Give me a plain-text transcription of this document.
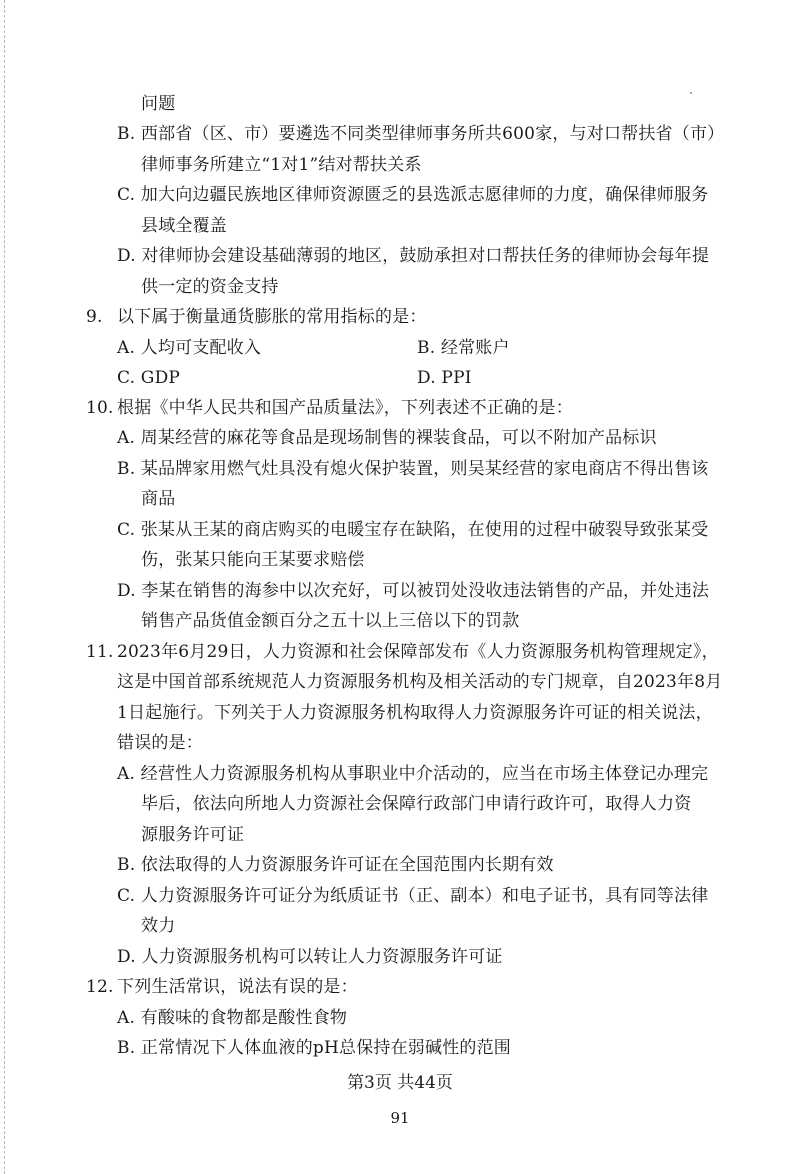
问题
B. 西部省（区、市）要遴选不同类型律师事务所共600家，与对口帮扶省（市）
律师事务所建立“1对1”结对帮扶关系
C. 加大向边疆民族地区律师资源匮乏的县选派志愿律师的力度，确保律师服务
县域全覆盖
D. 对律师协会建设基础薄弱的地区，鼓励承担对口帮扶任务的律师协会每年提
供一定的资金支持
9. 以下属于衡量通货膨胀的常用指标的是：
A. 人均可支配收入	B. 经常账户
C. GDP	D. PPI
10. 根据《中华人民共和国产品质量法》，下列表述不正确的是：
A. 周某经营的麻花等食品是现场制售的裸装食品，可以不附加产品标识
B. 某品牌家用燃气灶具没有熄火保护装置，则吴某经营的家电商店不得出售该
商品
C. 张某从王某的商店购买的电暖宝存在缺陷，在使用的过程中破裂导致张某受
伤，张某只能向王某要求赔偿
D. 李某在销售的海参中以次充好，可以被罚处没收违法销售的产品，并处违法
销售产品货值金额百分之五十以上三倍以下的罚款
11. 2023年6月29日，人力资源和社会保障部发布《人力资源服务机构管理规定》，
这是中国首部系统规范人力资源服务机构及相关活动的专门规章，自2023年8月
1日起施行。下列关于人力资源服务机构取得人力资源服务许可证的相关说法，
错误的是：
A. 经营性人力资源服务机构从事职业中介活动的，应当在市场主体登记办理完
毕后，依法向所地人力资源社会保障行政部门申请行政许可，取得人力资
源服务许可证
B. 依法取得的人力资源服务许可证在全国范围内长期有效
C. 人力资源服务许可证分为纸质证书（正、副本）和电子证书，具有同等法律
效力
D. 人力资源服务机构可以转让人力资源服务许可证
12. 下列生活常识，说法有误的是：
A. 有酸味的食物都是酸性食物
B. 正常情况下人体血液的pH总保持在弱碱性的范围
第3页 共44页
91
